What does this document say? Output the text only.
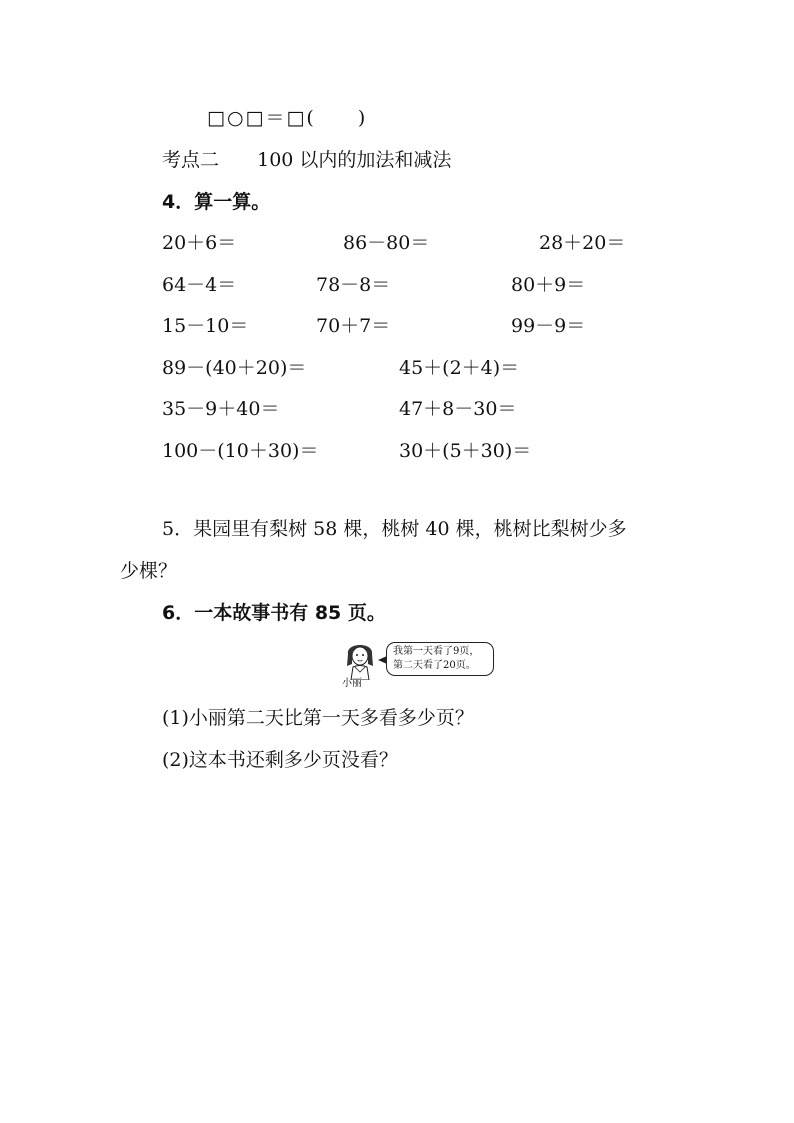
□○□＝□(　　)
考点二 100 以内的加法和减法
4．算一算。
20＋6＝	86－80＝	28＋20＝
64－4＝	78－8＝	80＋9＝
15－10＝	70＋7＝	99－9＝
89－(40＋20)＝	45＋(2＋4)＝
35－9＋40＝	47＋8－30＝
100－(10＋30)＝	30＋(5＋30)＝
5．果园里有梨树 58 棵，桃树 40 棵，桃树比梨树少多
少棵？
6．一本故事书有 85 页。
小丽
我第一天看了9页，
第二天看了20页。
(1)小丽第二天比第一天多看多少页？
(2)这本书还剩多少页没看？
